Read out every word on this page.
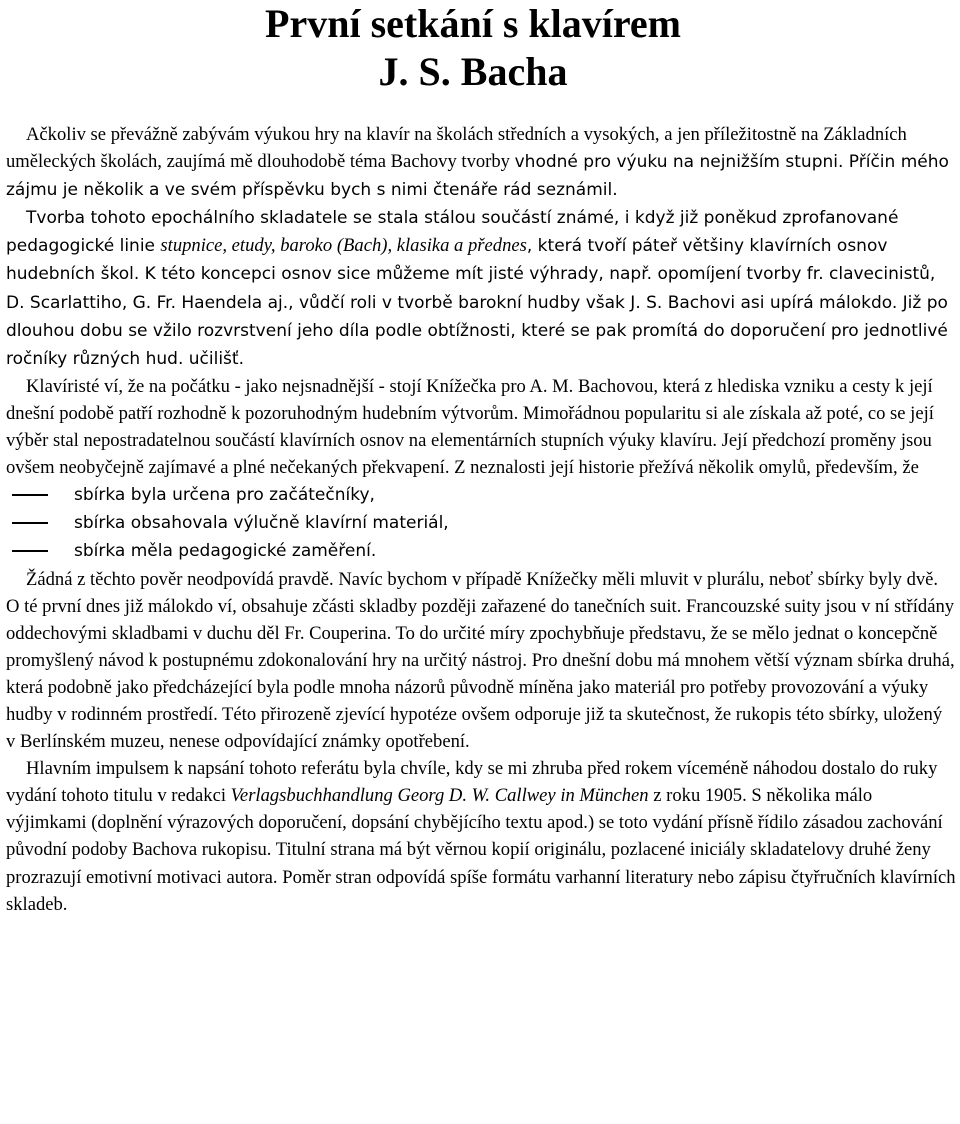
První setkání s klavírem
J. S. Bacha

Ačkoliv se převážně zabývám výukou hry na klavír na školách středních a vysokých, a jen příležitostně na Základních uměleckých školách, zaujímá mě dlouhodobě téma Bachovy tvorby vhodné pro výuku na nejnižším stupni. Příčin mého zájmu je několik a ve svém příspěvku bych s nimi čtenáře rád seznámil.

Tvorba tohoto epochálního skladatele se stala stálou součástí známé, i když již poněkud zprofanované pedagogické linie stupnice, etudy, baroko (Bach), klasika a přednes, která tvoří páteř většiny klavírních osnov hudebních škol. K této koncepci osnov sice můžeme mít jisté výhrady, např. opomíjení tvorby fr. clavecinistů, D. Scarlattiho, G. Fr. Haendela aj., vůdčí roli v tvorbě barokní hudby však J. S. Bachovi asi upírá málokdo. Již po dlouhou dobu se vžilo rozvrstvení jeho díla podle obtížnosti, které se pak promítá do doporučení pro jednotlivé ročníky různých hud. učilišť.

Klavíristé ví, že na počátku - jako nejsnadnější - stojí Knížečka pro A. M. Bachovou, která z hlediska vzniku a cesty k její dnešní podobě patří rozhodně k pozoruhodným hudebním výtvorům. Mimořádnou popularitu si ale získala až poté, co se její výběr stal nepostradatelnou součástí klavírních osnov na elementárních stupních výuky klavíru. Její předchozí proměny jsou ovšem neobyčejně zajímavé a plné nečekaných překvapení. Z neznalosti její historie přežívá několik omylů, především, že

sbírka byla určena pro začátečníky,
sbírka obsahovala výlučně klavírní materiál,
sbírka měla pedagogické zaměření.

Žádná z těchto pověr neodpovídá pravdě. Navíc bychom v případě Knížečky měli mluvit v plurálu, neboť sbírky byly dvě. O té první dnes již málokdo ví, obsahuje zčásti skladby později zařazené do tanečních suit. Francouzské suity jsou v ní střídány oddechovými skladbami v duchu děl Fr. Couperina. To do určité míry zpochybňuje představu, že se mělo jednat o koncepčně promyšlený návod k postupnému zdokonalování hry na určitý nástroj. Pro dnešní dobu má mnohem větší význam sbírka druhá, která podobně jako předcházející byla podle mnoha názorů původně míněna jako materiál pro potřeby provozování a výuky hudby v rodinném prostředí. Této přirozeně zjevící hypotéze ovšem odporuje již ta skutečnost, že rukopis této sbírky, uložený v Berlínském muzeu, nenese odpovídající známky opotřebení.

Hlavním impulsem k napsání tohoto referátu byla chvíle, kdy se mi zhruba před rokem víceméně náhodou dostalo do ruky vydání tohoto titulu v redakci Verlagsbuchhandlung Georg D. W. Callwey in München z roku 1905. S několika málo výjimkami (doplnění výrazových doporučení, dopsání chybějícího textu apod.) se toto vydání přísně řídilo zásadou zachování původní podoby Bachova rukopisu. Titulní strana má být věrnou kopií originálu, pozlacené iniciály skladatelovy druhé ženy prozrazují emotivní motivaci autora. Poměr stran odpovídá spíše formátu varhanní literatury nebo zápisu čtyřručních klavírních skladeb.
